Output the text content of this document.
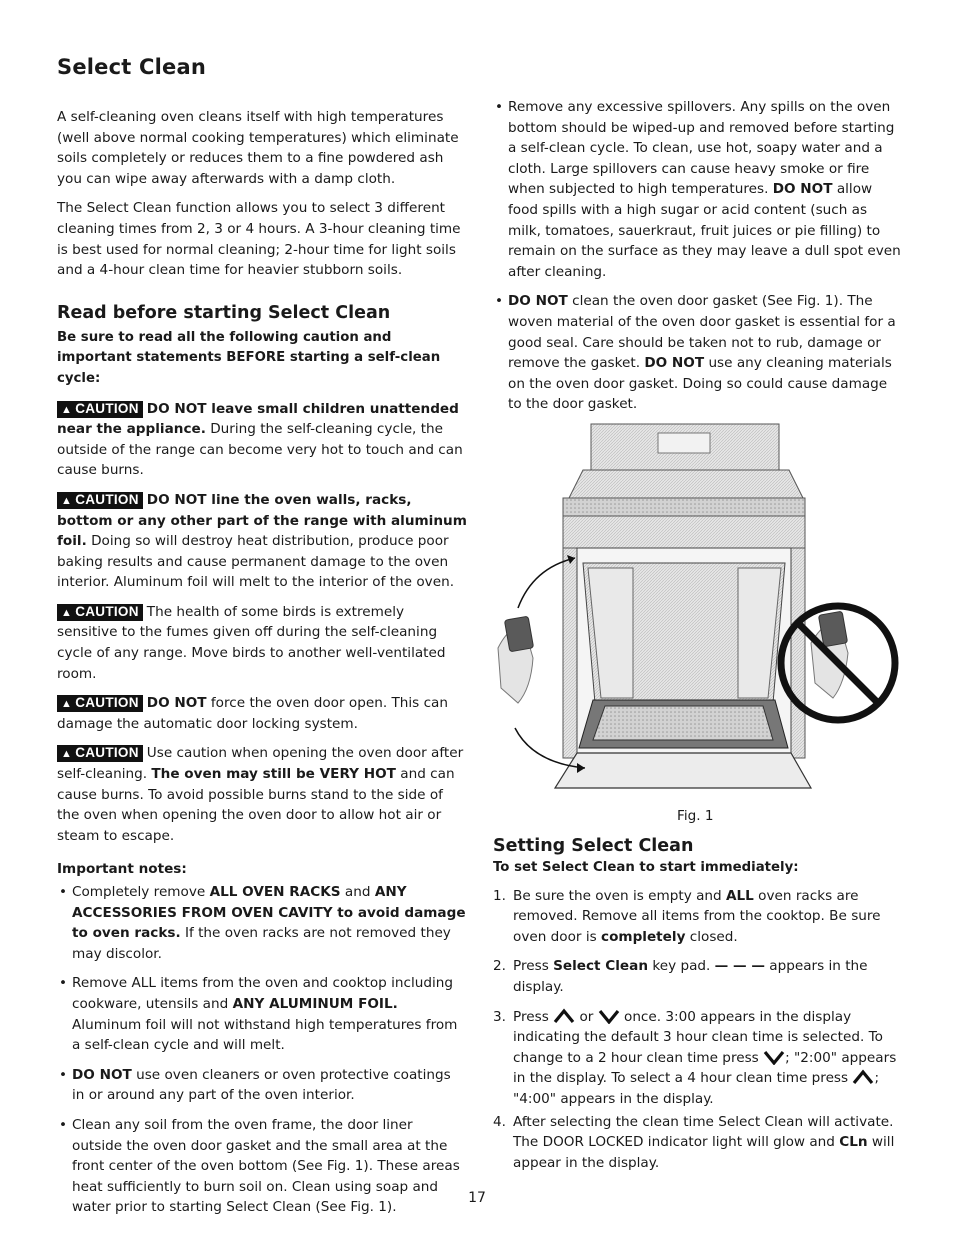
Select Clean

A self-cleaning oven cleans itself with high temperatures (well above normal cooking temperatures) which eliminate soils completely or reduces them to a fine powdered ash you can wipe away afterwards with a damp cloth.

The Select Clean function allows you to select 3 different cleaning times from 2, 3 or 4 hours. A 3-hour cleaning time is best used for normal cleaning; 2-hour time for light soils and a 4-hour clean time for heavier stubborn soils.

Read before starting Select Clean
Be sure to read all the following caution and important statements BEFORE starting a self-clean cycle:

▲ CAUTION DO NOT leave small children unattended near the appliance. During the self-cleaning cycle, the outside of the range can become very hot to touch and can cause burns.

▲ CAUTION DO NOT line the oven walls, racks, bottom or any other part of the range with aluminum foil. Doing so will destroy heat distribution, produce poor baking results and cause permanent damage to the oven interior. Aluminum foil will melt to the interior of the oven.

▲ CAUTION The health of some birds is extremely sensitive to the fumes given off during the self-cleaning cycle of any range. Move birds to another well-ventilated room.

▲ CAUTION DO NOT force the oven door open. This can damage the automatic door locking system.

▲ CAUTION Use caution when opening the oven door after self-cleaning. The oven may still be VERY HOT and can cause burns. To avoid possible burns stand to the side of the oven when opening the oven door to allow hot air or steam to escape.

Important notes:
• Completely remove ALL OVEN RACKS and ANY ACCESSORIES FROM OVEN CAVITY to avoid damage to oven racks. If the oven racks are not removed they may discolor.
• Remove ALL items from the oven and cooktop including cookware, utensils and ANY ALUMINUM FOIL. Aluminum foil will not withstand high temperatures from a self-clean cycle and will melt.
• DO NOT use oven cleaners or oven protective coatings in or around any part of the oven interior.
• Clean any soil from the oven frame, the door liner outside the oven door gasket and the small area at the front center of the oven bottom (See Fig. 1). These areas heat sufficiently to burn soil on. Clean using soap and water prior to starting Select Clean (See Fig. 1).
• Remove any excessive spillovers. Any spills on the oven bottom should be wiped-up and removed before starting a self-clean cycle. To clean, use hot, soapy water and a cloth. Large spillovers can cause heavy smoke or fire when subjected to high temperatures. DO NOT allow food spills with a high sugar or acid content (such as milk, tomatoes, sauerkraut, fruit juices or pie filling) to remain on the surface as they may leave a dull spot even after cleaning.
• DO NOT clean the oven door gasket (See Fig. 1). The woven material of the oven door gasket is essential for a good seal. Care should be taken not to rub, damage or remove the gasket. DO NOT use any cleaning materials on the oven door gasket. Doing so could cause damage to the door gasket.
Fig. 1
Setting Select Clean
To set Select Clean to start immediately:
1. Be sure the oven is empty and ALL oven racks are removed. Remove all items from the cooktop. Be sure oven door is completely closed.
2. Press Select Clean key pad. — — — appears in the display.
3. Press or once. 3:00 appears in the display indicating the default 3 hour clean time is selected. To change to a 2 hour clean time press ; "2:00" appears in the display. To select a 4 hour clean time press ; "4:00" appears in the display.
4. After selecting the clean time Select Clean will activate. The DOOR LOCKED indicator light will glow and CLn will appear in the display.
17
